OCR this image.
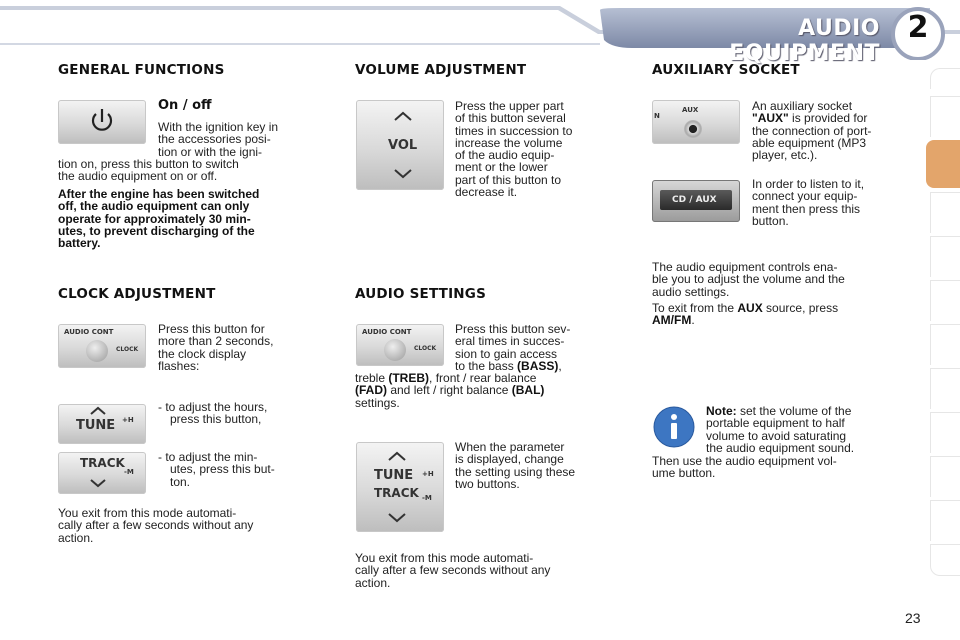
AUDIO EQUIPMENT
2
GENERAL FUNCTIONS
On / off
With the ignition key in
the accessories posi-
tion or with the igni-
tion on, press this button to switch
the audio equipment on or off.
After the engine has been switched
off, the audio equipment can only
operate for approximately 30 min-
utes, to prevent discharging of the
battery.
CLOCK ADJUSTMENT
AUDIO CONT
CLOCK
Press this button for
more than 2 seconds,
the clock display
flashes:
TUNE +H
- to adjust the hours,
press this button,
TRACK
-M
- to adjust the min-
utes, press this but-
ton.
You exit from this mode automati-
cally after a few seconds without any
action.
VOLUME ADJUSTMENT
VOL
Press the upper part
of this button several
times in succession to
increase the volume
of the audio equip-
ment or the lower
part of this button to
decrease it.
AUDIO SETTINGS
AUDIO CONT
CLOCK
Press this button sev-
eral times in succes-
sion to gain access
to the bass (BASS),
treble (TREB), front / rear balance
(FAD) and left / right balance (BAL)
settings.
TUNE +H
TRACK -M
When the parameter
is displayed, change
the setting using these
two buttons.
You exit from this mode automati-
cally after a few seconds without any
action.
AUXILIARY SOCKET
N
AUX	An auxiliary socket
"AUX" is provided for
the connection of port-
able equipment (MP3
player, etc.).
CD / AUX
In order to listen to it,
connect your equip-
ment then press this
button.
The audio equipment controls ena-
ble you to adjust the volume and the
audio settings.
To exit from the AUX source, press
AM/FM.
Note: set the volume of the
portable equipment to half
volume to avoid saturating
the audio equipment sound.
Then use the audio equipment vol-
ume button.
23
